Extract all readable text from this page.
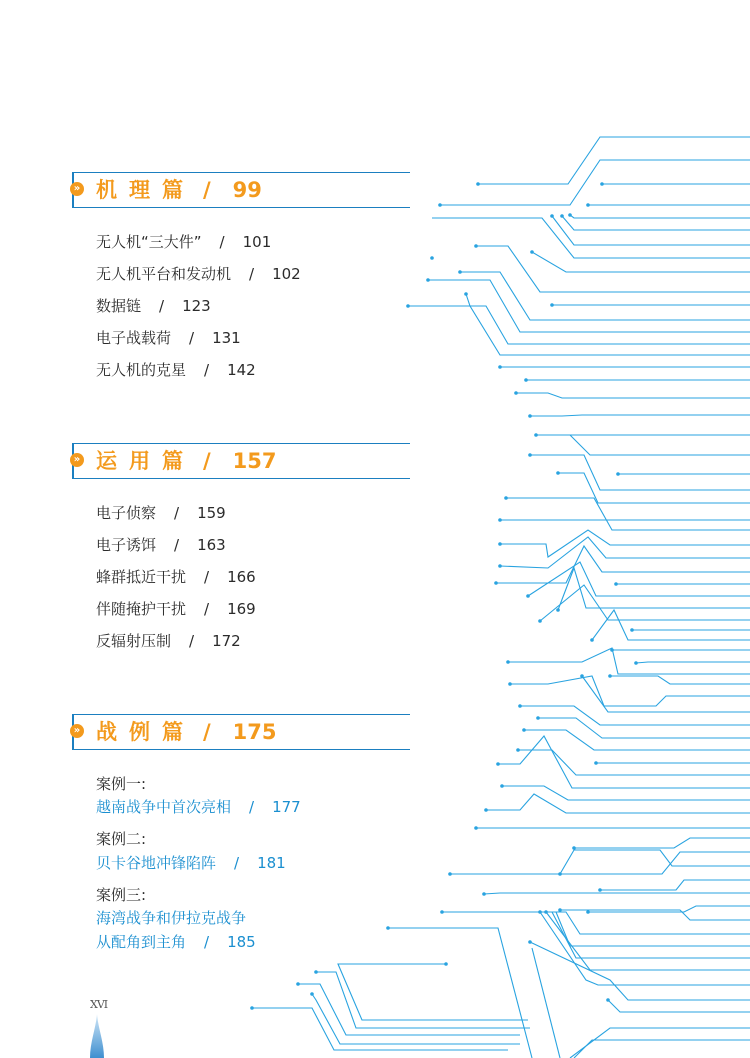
» 机理篇 / 99
无人机“三大件” / 101
无人机平台和发动机 / 102
数据链 / 123
电子战载荷 / 131
无人机的克星 / 142
» 运用篇 / 157
电子侦察 / 159
电子诱饵 / 163
蜂群抵近干扰 / 166
伴随掩护干扰 / 169
反辐射压制 / 172
» 战例篇 / 175
案例一:
越南战争中首次亮相 / 177
案例二:
贝卡谷地冲锋陷阵 / 181
案例三:
海湾战争和伊拉克战争
从配角到主角 / 185
XVI
